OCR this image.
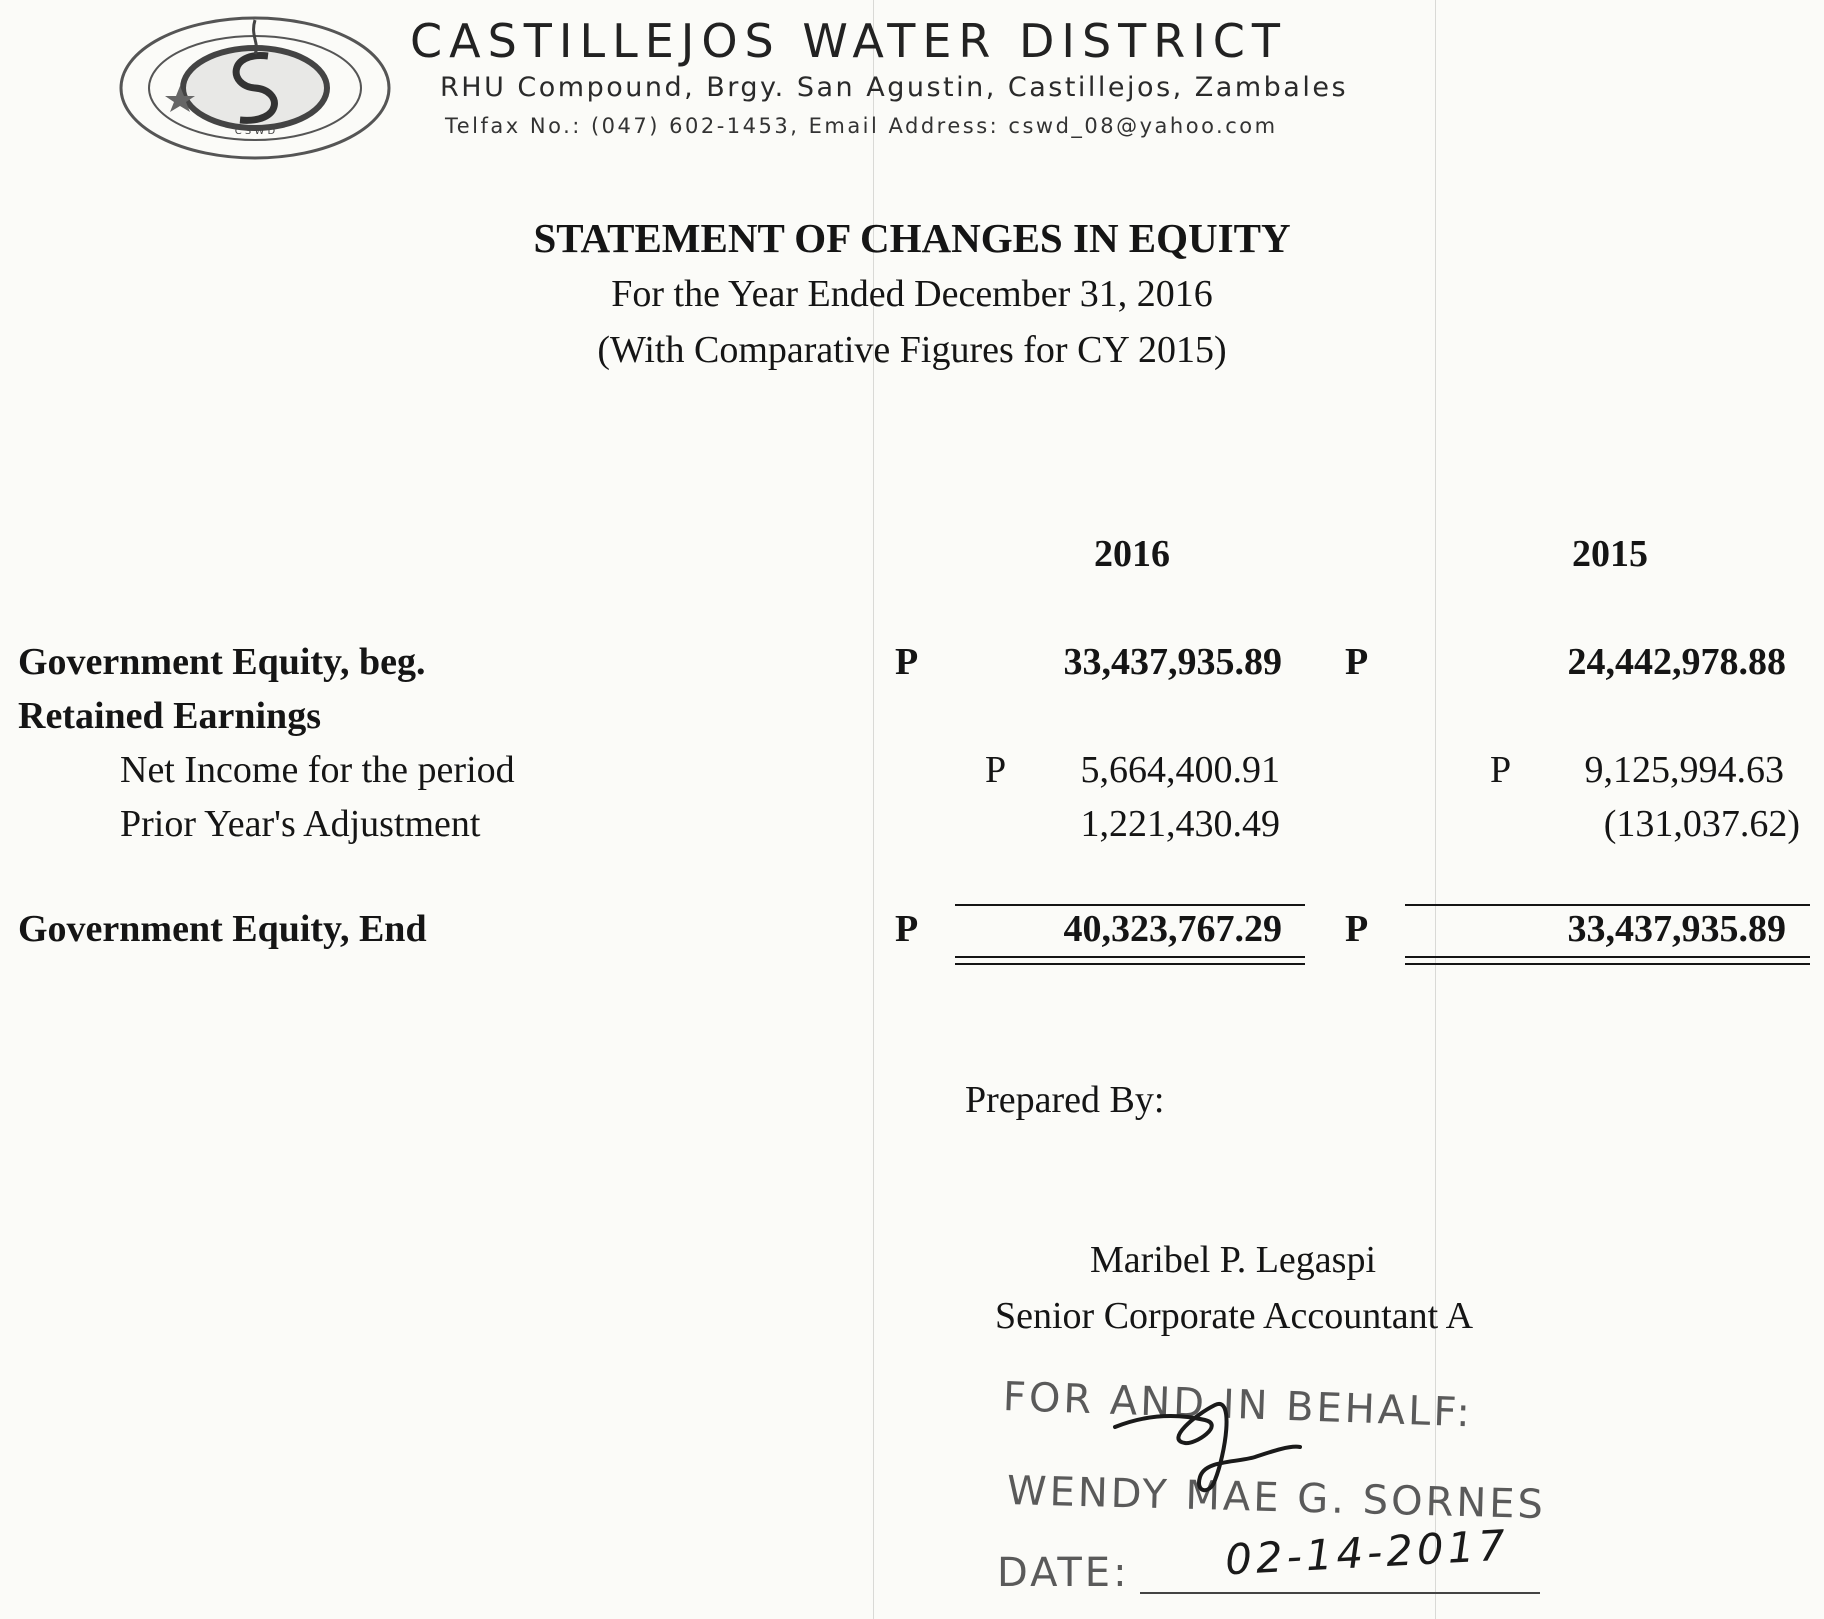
C S W D
CASTILLEJOS WATER DISTRICT
RHU Compound, Brgy. San Agustin, Castillejos, Zambales
Telfax No.: (047) 602-1453, Email Address: cswd_08@yahoo.com
STATEMENT OF CHANGES IN EQUITY
For the Year Ended December 31, 2016
(With Comparative Figures for CY 2015)
2016	2015
Government Equity, beg.	P	33,437,935.89 P	24,442,978.88
Retained Earnings
Net Income for the period	P	5,664,400.91	P	9,125,994.63
Prior Year's Adjustment	1,221,430.49	(131,037.62)
Government Equity, End	P	40,323,767.29 P	33,437,935.89
Prepared By:
Maribel P. Legaspi
Senior Corporate Accountant A
FOR AND IN BEHALF:
WENDY MAE G. SORNES
DATE: 02-14-2017
